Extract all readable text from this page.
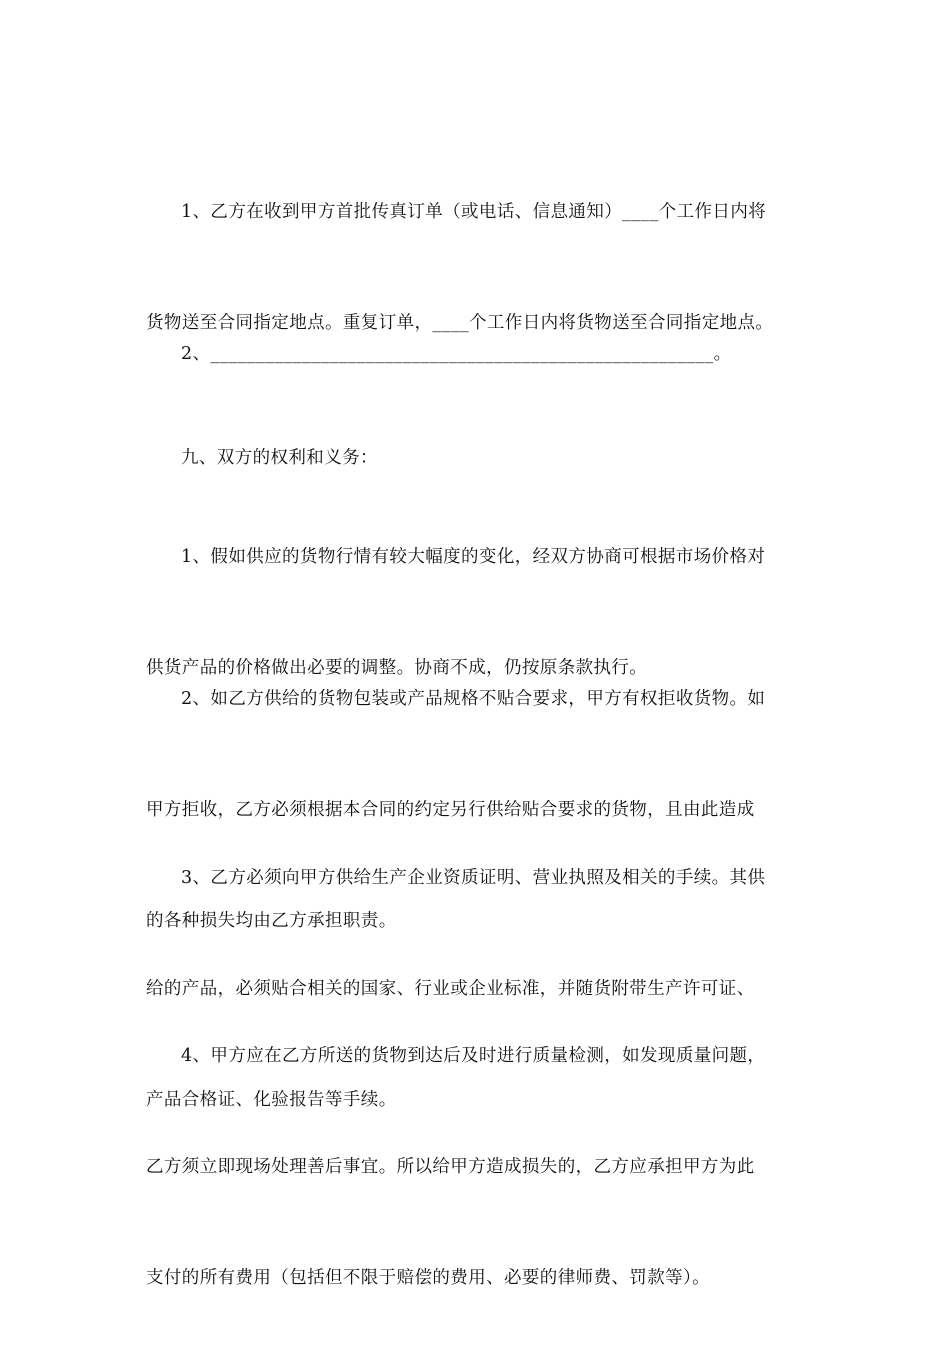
1、乙方在收到甲方首批传真订单（或电话、信息通知）____个工作日内将

货物送至合同指定地点。重复订单，____个工作日内将货物送至合同指定地点。

2、_______________________________________________________。

九、双方的权利和义务：

1、假如供应的货物行情有较大幅度的变化，经双方协商可根据市场价格对

供货产品的价格做出必要的调整。协商不成，仍按原条款执行。

2、如乙方供给的货物包装或产品规格不贴合要求，甲方有权拒收货物。如

甲方拒收，乙方必须根据本合同的约定另行供给贴合要求的货物，且由此造成

的各种损失均由乙方承担职责。

3、乙方必须向甲方供给生产企业资质证明、营业执照及相关的手续。其供

给的产品，必须贴合相关的国家、行业或企业标准，并随货附带生产许可证、

产品合格证、化验报告等手续。

4、甲方应在乙方所送的货物到达后及时进行质量检测，如发现质量问题，

乙方须立即现场处理善后事宜。所以给甲方造成损失的，乙方应承担甲方为此

支付的所有费用（包括但不限于赔偿的费用、必要的律师费、罚款等）。
